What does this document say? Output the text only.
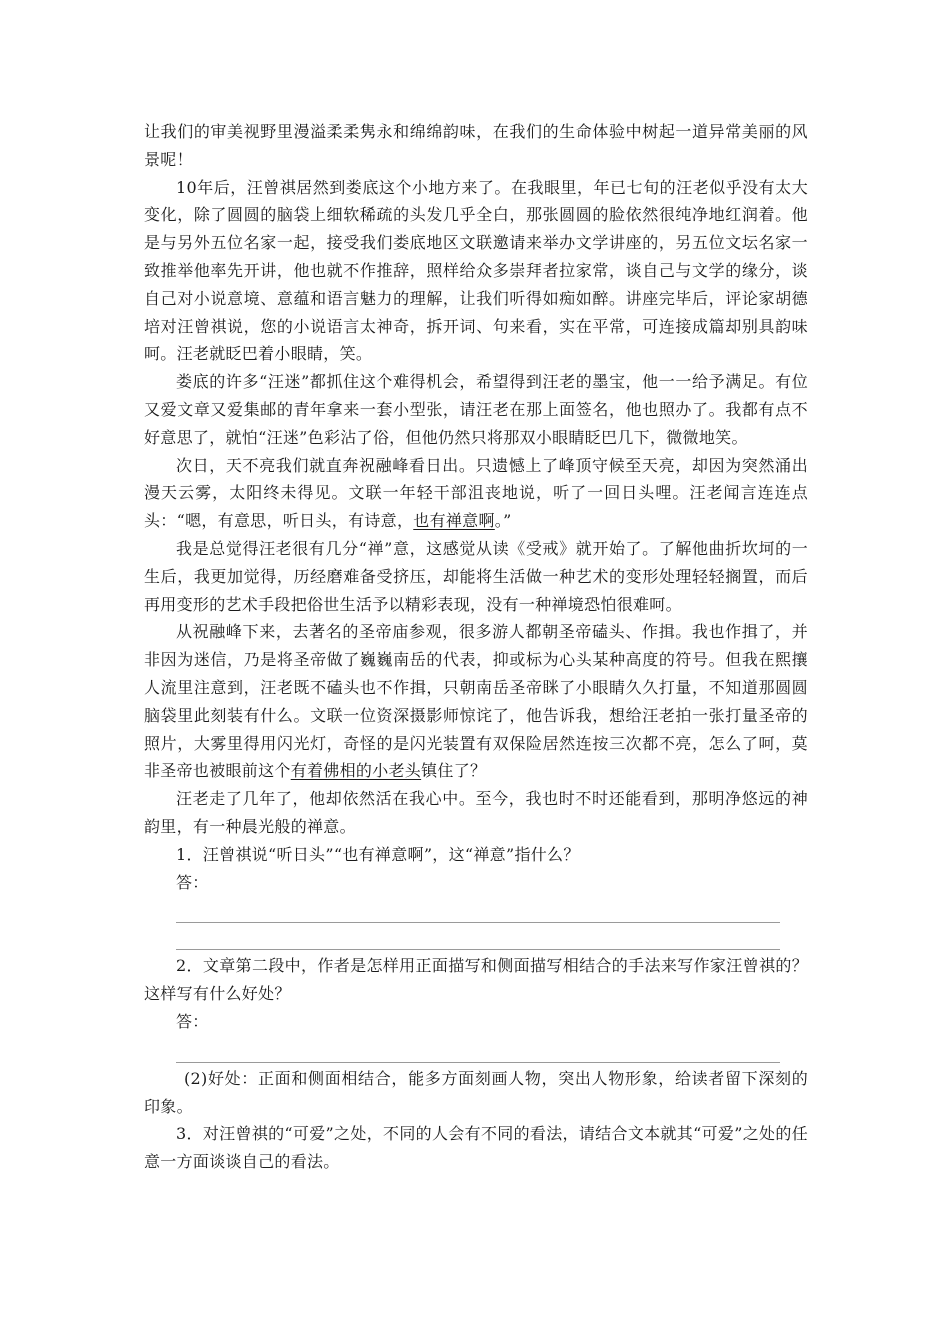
让我们的审美视野里漫溢柔柔隽永和绵绵韵味，在我们的生命体验中树起一道异常美丽的风景呢！

10年后，汪曾祺居然到娄底这个小地方来了。在我眼里，年已七旬的汪老似乎没有太大变化，除了圆圆的脑袋上细软稀疏的头发几乎全白，那张圆圆的脸依然很纯净地红润着。他是与另外五位名家一起，接受我们娄底地区文联邀请来举办文学讲座的，另五位文坛名家一致推举他率先开讲，他也就不作推辞，照样给众多崇拜者拉家常，谈自己与文学的缘分，谈自己对小说意境、意蕴和语言魅力的理解，让我们听得如痴如醉。讲座完毕后，评论家胡德培对汪曾祺说，您的小说语言太神奇，拆开词、句来看，实在平常，可连接成篇却别具韵味呵。汪老就眨巴着小眼睛，笑。

娄底的许多“汪迷”都抓住这个难得机会，希望得到汪老的墨宝，他一一给予满足。有位又爱文章又爱集邮的青年拿来一套小型张，请汪老在那上面签名，他也照办了。我都有点不好意思了，就怕“汪迷”色彩沾了俗，但他仍然只将那双小眼睛眨巴几下，微微地笑。

次日，天不亮我们就直奔祝融峰看日出。只遗憾上了峰顶守候至天亮，却因为突然涌出漫天云雾，太阳终未得见。文联一年轻干部沮丧地说，听了一回日头哩。汪老闻言连连点头：“嗯，有意思，听日头，有诗意，也有禅意啊。”

我是总觉得汪老很有几分“禅”意，这感觉从读《受戒》就开始了。了解他曲折坎坷的一生后，我更加觉得，历经磨难备受挤压，却能将生活做一种艺术的变形处理轻轻搁置，而后再用变形的艺术手段把俗世生活予以精彩表现，没有一种禅境恐怕很难呵。

从祝融峰下来，去著名的圣帝庙参观，很多游人都朝圣帝磕头、作揖。我也作揖了，并非因为迷信，乃是将圣帝做了巍巍南岳的代表，抑或标为心头某种高度的符号。但我在熙攘人流里注意到，汪老既不磕头也不作揖，只朝南岳圣帝眯了小眼睛久久打量，不知道那圆圆脑袋里此刻装有什么。文联一位资深摄影师惊诧了，他告诉我，想给汪老拍一张打量圣帝的照片，大雾里得用闪光灯，奇怪的是闪光装置有双保险居然连按三次都不亮，怎么了呵，莫非圣帝也被眼前这个有着佛相的小老头镇住了？

汪老走了几年了，他却依然活在我心中。至今，我也时不时还能看到，那明净悠远的神韵里，有一种晨光般的禅意。

1．汪曾祺说“听日头”“也有禅意啊”，这“禅意”指什么？

答：

2．文章第二段中，作者是怎样用正面描写和侧面描写相结合的手法来写作家汪曾祺的？这样写有什么好处？

答：

(2)好处：正面和侧面相结合，能多方面刻画人物，突出人物形象，给读者留下深刻的印象。

3．对汪曾祺的“可爱”之处，不同的人会有不同的看法，请结合文本就其“可爱”之处的任意一方面谈谈自己的看法。
